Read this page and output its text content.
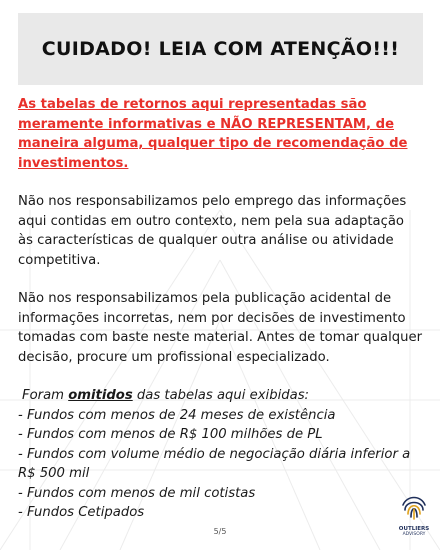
CUIDADO! LEIA COM ATENÇÃO!!!
As tabelas de retornos aqui representadas são meramente informativas e NÃO REPRESENTAM, de maneira alguma, qualquer tipo de recomendação de investimentos.

Não nos responsabilizamos pelo emprego das informações aqui contidas em outro contexto, nem pela sua adaptação às características de qualquer outra análise ou atividade competitiva.

Não nos responsabilizamos pela publicação acidental de informações incorretas, nem por decisões de investimento tomadas com baste neste material. Antes de tomar qualquer decisão, procure um profissional especializado.

Foram omitidos das tabelas aqui exibidas:
- Fundos com menos de 24 meses de existência
- Fundos com menos de R$ 100 milhões de PL
- Fundos com volume médio de negociação diária inferior a R$ 500 mil
- Fundos com menos de mil cotistas
- Fundos Cetipados
5/5	OUTLIERS
ADVISORY
